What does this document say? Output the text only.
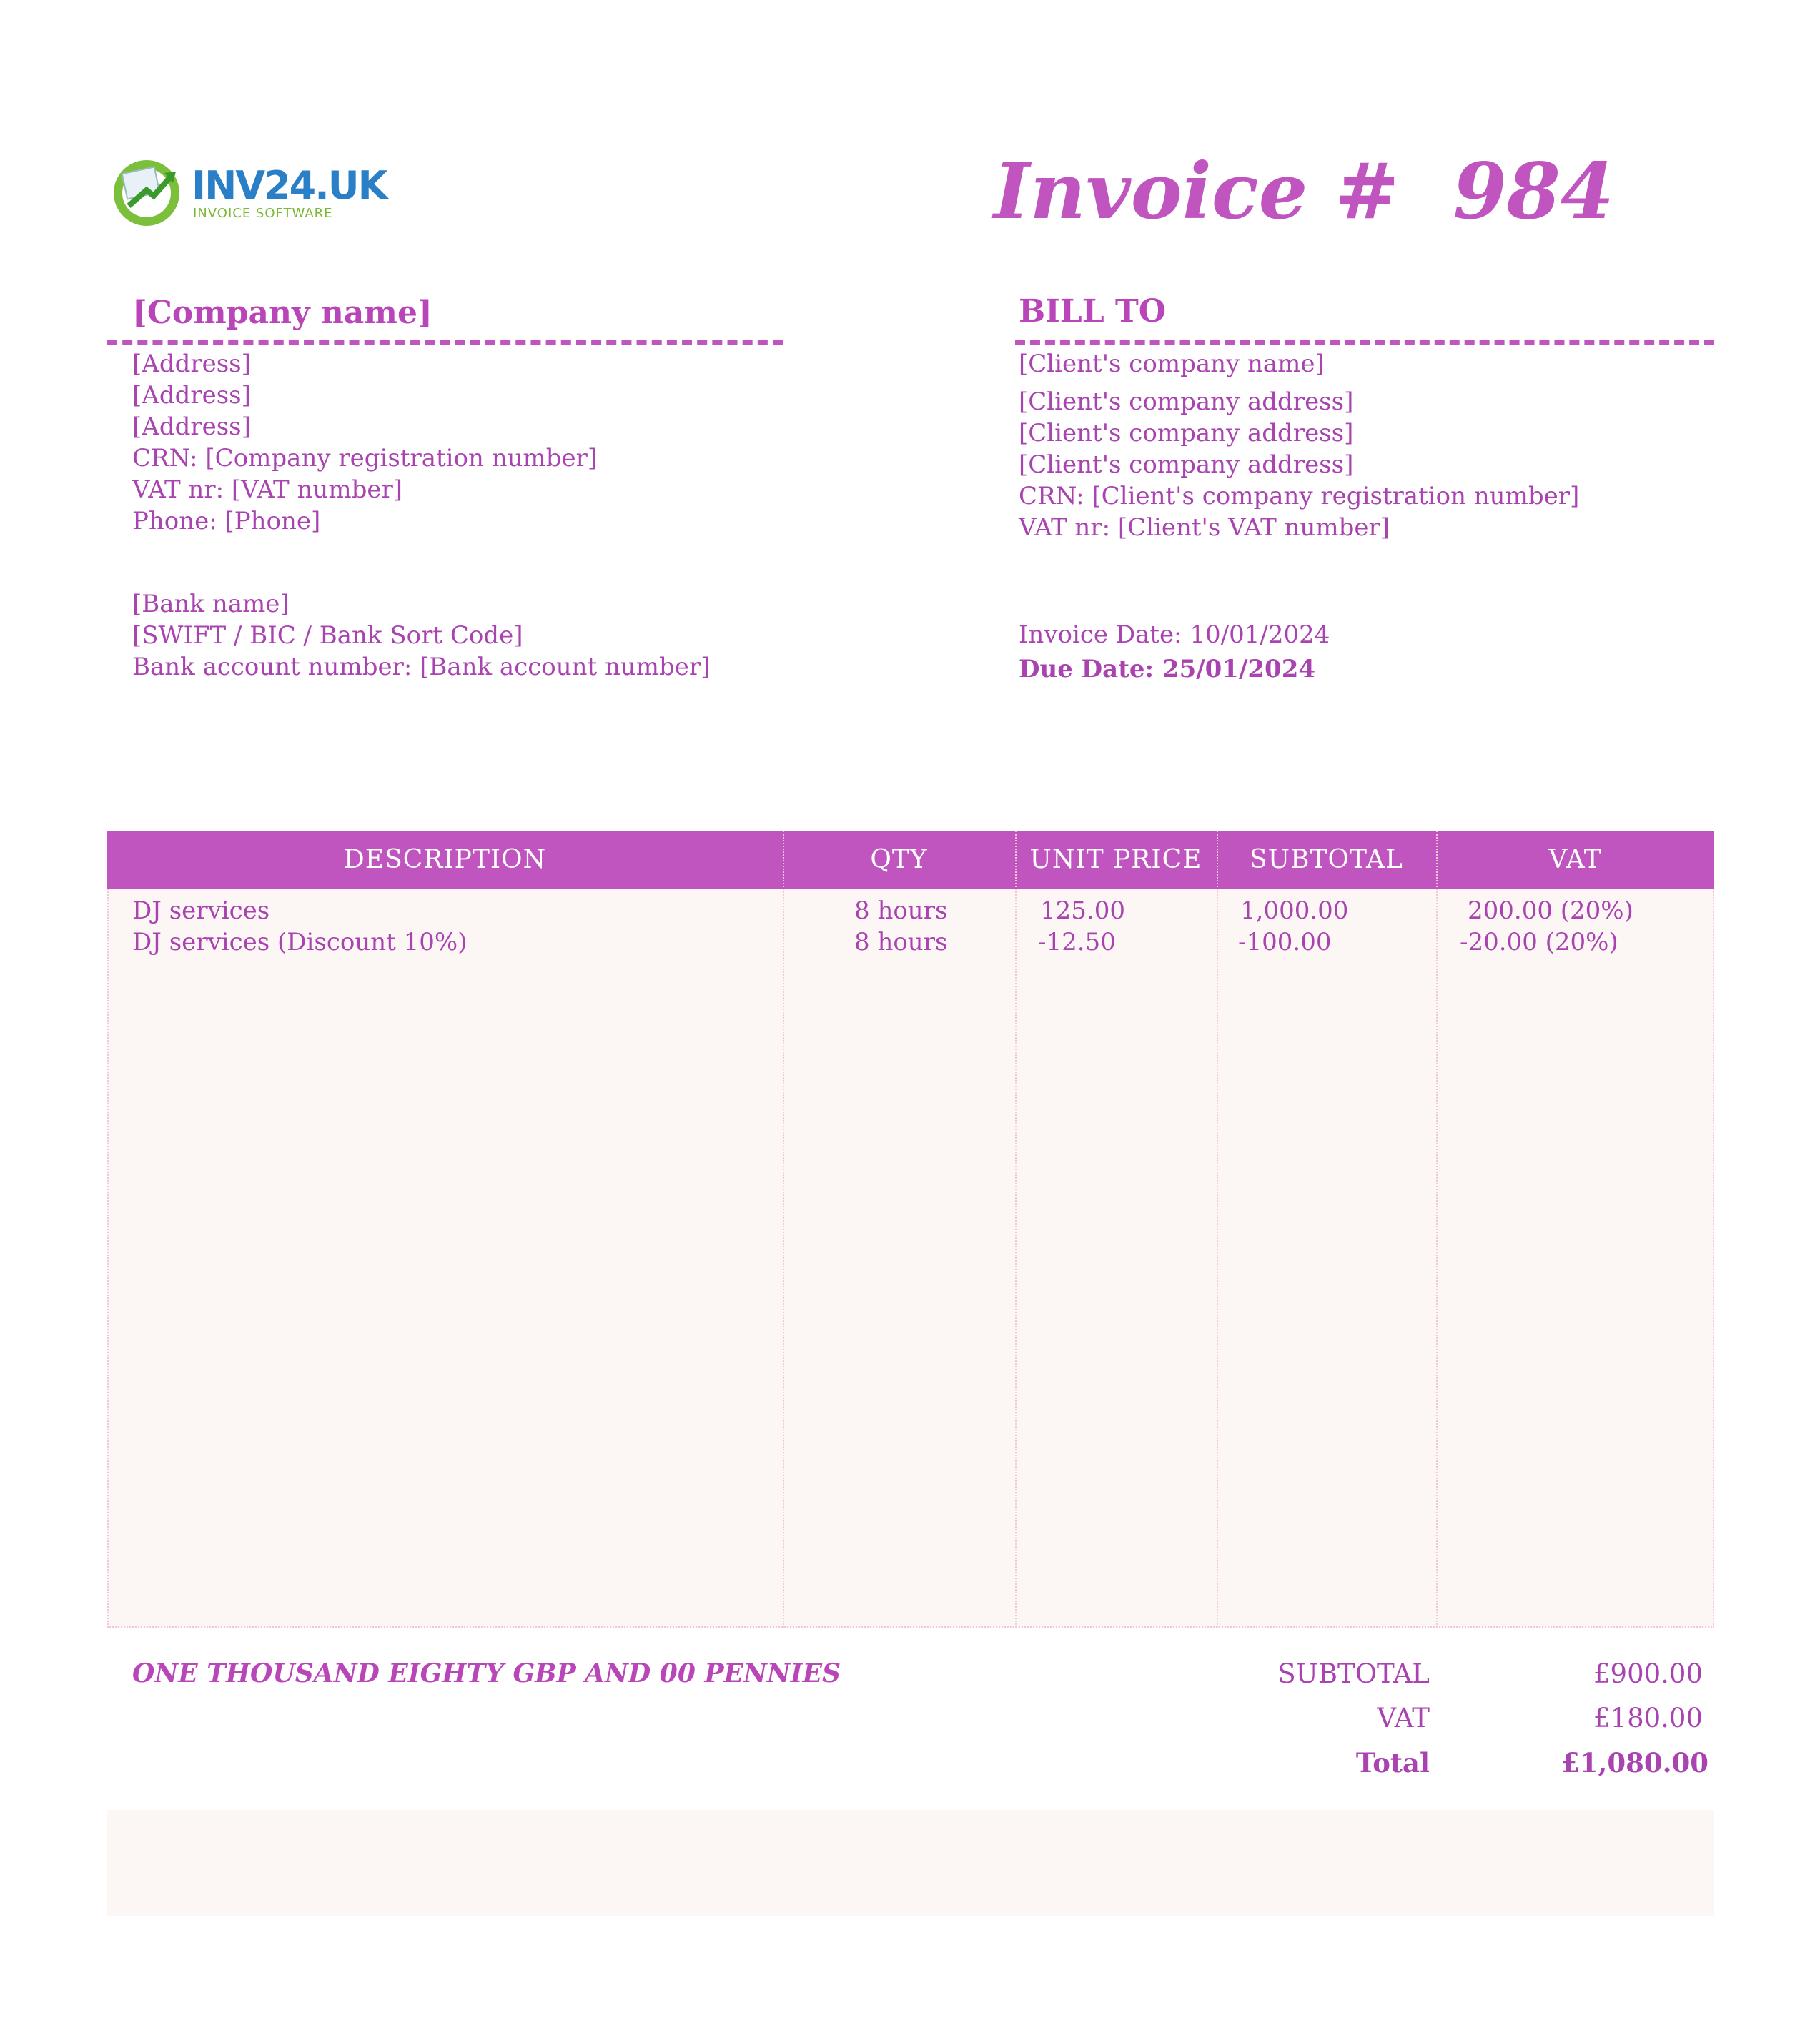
INV24.UK
INVOICE SOFTWARE	Invoice #  984
[Company name]
[Address]
[Address]
[Address]
CRN: [Company registration number]
VAT nr: [VAT number]
Phone: [Phone]
[Bank name]
[SWIFT / BIC / Bank Sort Code]
Bank account number: [Bank account number]
BILL TO
[Client's company name]
[Client's company address]
[Client's company address]
[Client's company address]
CRN: [Client's company registration number]
VAT nr: [Client's VAT number]
Invoice Date: 10/01/2024
Due Date: 25/01/2024
DESCRIPTION	QTY	UNIT PRICE	SUBTOTAL	VAT
DJ services	8 hours	125.00	1,000.00	200.00 (20%)
DJ services (Discount 10%)	8 hours	-12.50	-100.00	-20.00 (20%)
ONE THOUSAND EIGHTY GBP AND 00 PENNIES	SUBTOTAL	£900.00
VAT	£180.00
Total	£1,080.00
